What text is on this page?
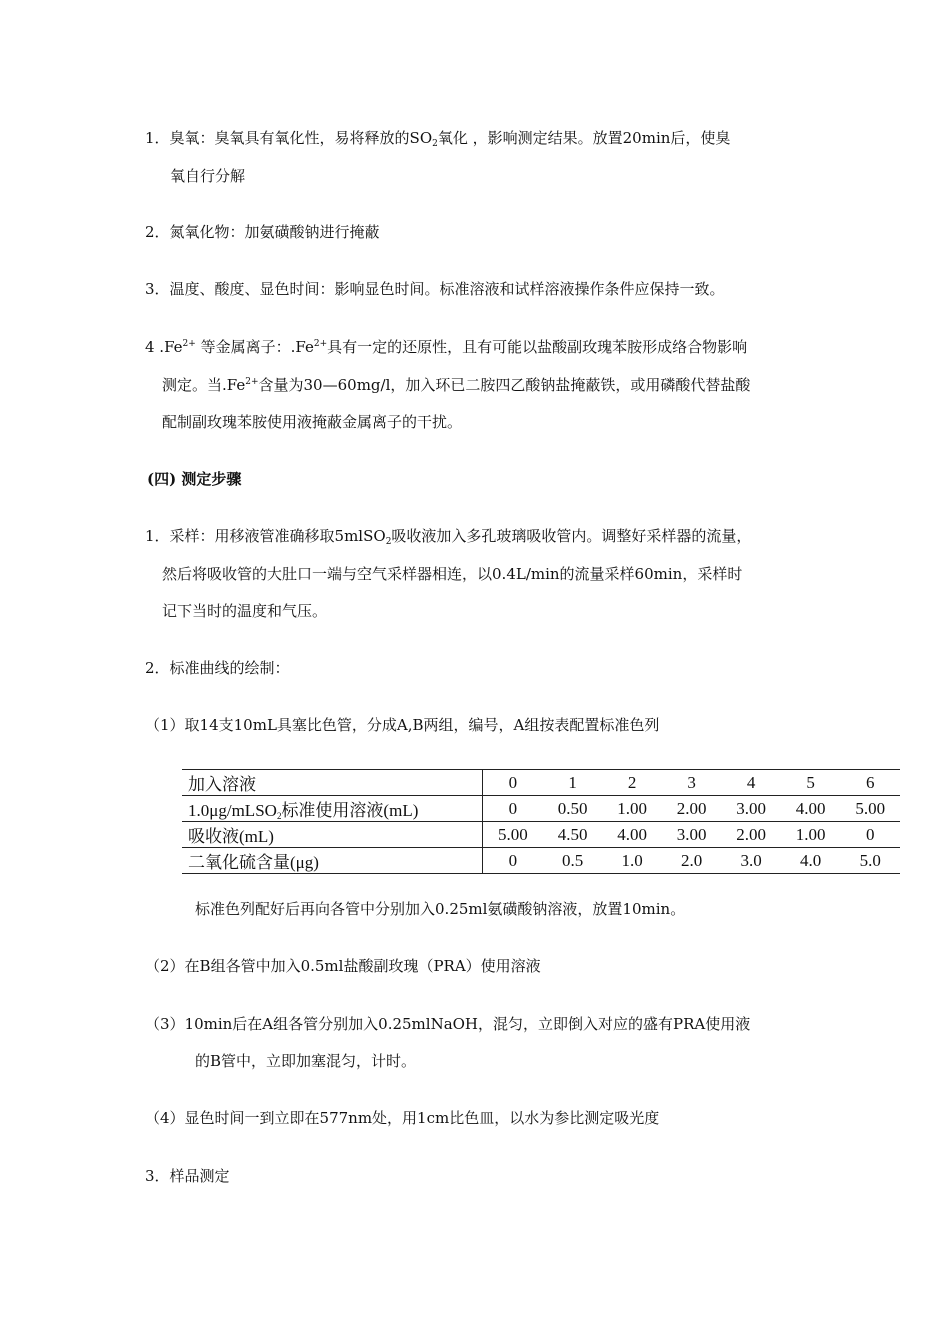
1．臭氧：臭氧具有氧化性，易将释放的$SO_2$氧化 ，影响测定结果。放置20min后，使臭
氧自行分解
2．氮氧化物：加氨磺酸钠进行掩蔽
3．温度、酸度、显色时间：影响显色时间。标准溶液和试样溶液操作条件应保持一致。
4 $.Fe^{2+}$ 等金属离子：$.Fe^{2+}$具有一定的还原性，且有可能以盐酸副玫瑰苯胺形成络合物影响
测定。当$.Fe^{2+}$含量为30—60mg/l，加入环已二胺四乙酸钠盐掩蔽铁，或用磷酸代替盐酸
配制副玫瑰苯胺使用液掩蔽金属离子的干扰。
(四) 测定步骤
1．采样：用移液管准确移取5mlSO$_2$吸收液加入多孔玻璃吸收管内。调整好采样器的流量，
然后将吸收管的大肚口一端与空气采样器相连，以0.4L/min的流量采样60min，采样时
记下当时的温度和气压。
2．标准曲线的绘制：
（1）取14支10mL具塞比色管，分成A,B两组，编号，A组按表配置标准色列
加入溶液	0	1	2	3	4	5	6
1.0μg/mLSO$_2$标准使用溶液(mL)	0	0.50	1.00	2.00	3.00	4.00	5.00
吸收液(mL)	5.00	4.50	4.00	3.00	2.00	1.00	0
二氧化硫含量(μg)	0	0.5	1.0	2.0	3.0	4.0	5.0
标准色列配好后再向各管中分别加入0.25ml氨磺酸钠溶液，放置10min。
（2）在B组各管中加入0.5ml盐酸副玫瑰（PRA）使用溶液
（3）10min后在A组各管分别加入0.25mlNaOH，混匀，立即倒入对应的盛有PRA使用液
的B管中，立即加塞混匀，计时。
（4）显色时间一到立即在577nm处，用1cm比色皿，以水为参比测定吸光度
3．样品测定
